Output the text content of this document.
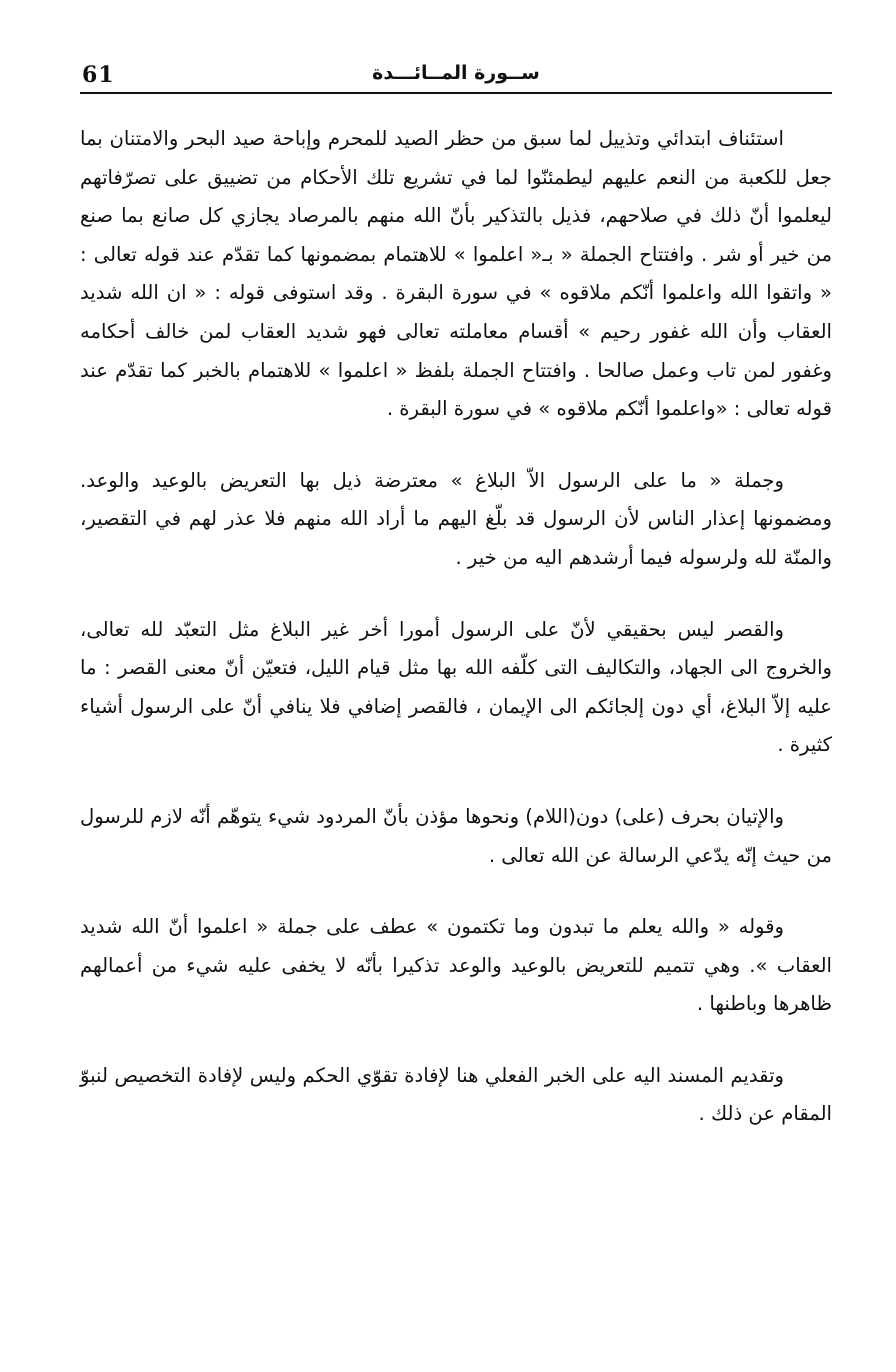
61	ســورة المــائـــدة

استئناف ابتدائي وتذييل لما سبق من حظر الصيد للمحرم وإباحة صيد البحر والامتنان بما جعل للكعبة من النعم عليهم ليطمئنّوا لما في تشريع تلك الأحكام من تضييق على تصرّفاتهم ليعلموا أنّ ذلك في صلاحهم، فذيل بالتذكير بأنّ الله منهم بالمرصاد يجازي كل صانع بما صنع من خير أو شر . وافتتاح الجملة « بـ« اعلموا » للاهتمام بمضمونها كما تقدّم عند قوله تعالى : « واتقوا الله واعلموا أنّكم ملاقوه » في سورة البقرة . وقد استوفى قوله : « ان الله شديد العقاب وأن الله غفور رحيم » أقسام معاملته تعالى فهو شديد العقاب لمن خالف أحكامه وغفور لمن تاب وعمل صالحا . وافتتاح الجملة بلفظ « اعلموا » للاهتمام بالخبر كما تقدّم عند قوله تعالى : «واعلموا أنّكم ملاقوه » في سورة البقرة .

وجملة « ما على الرسول الاّ البلاغ » معترضة ذيل بها التعريض بالوعيد والوعد. ومضمونها إعذار الناس لأن الرسول قد بلّغ اليهم ما أراد الله منهم فلا عذر لهم في التقصير، والمنّة لله ولرسوله فيما أرشدهم اليه من خير .

والقصر ليس بحقيقي لأنّ على الرسول أمورا أخر غير البلاغ مثل التعبّد لله تعالى، والخروج الى الجهاد، والتكاليف التى كلّفه الله بها مثل قيام الليل، فتعيّن أنّ معنى القصر : ما عليه إلاّ البلاغ، أي دون إلجائكم الى الإيمان ، فالقصر إضافي فلا ينافي أنّ على الرسول أشياء كثيرة .

والإتيان بحرف (على) دون(اللام) ونحوها مؤذن بأنّ المردود شيء يتوهّم أنّه لازم للرسول من حيث إنّه يدّعي الرسالة عن الله تعالى .

وقوله « والله يعلم ما تبدون وما تكتمون » عطف على جملة « اعلموا أنّ الله شديد العقاب ». وهي تتميم للتعريض بالوعيد والوعد تذكيرا بأنّه لا يخفى عليه شيء من أعمالهم ظاهرها وباطنها .

وتقديم المسند اليه على الخبر الفعلي هنا لإفادة تقوّي الحكم وليس لإفادة التخصيص لنبوّ المقام عن ذلك .
